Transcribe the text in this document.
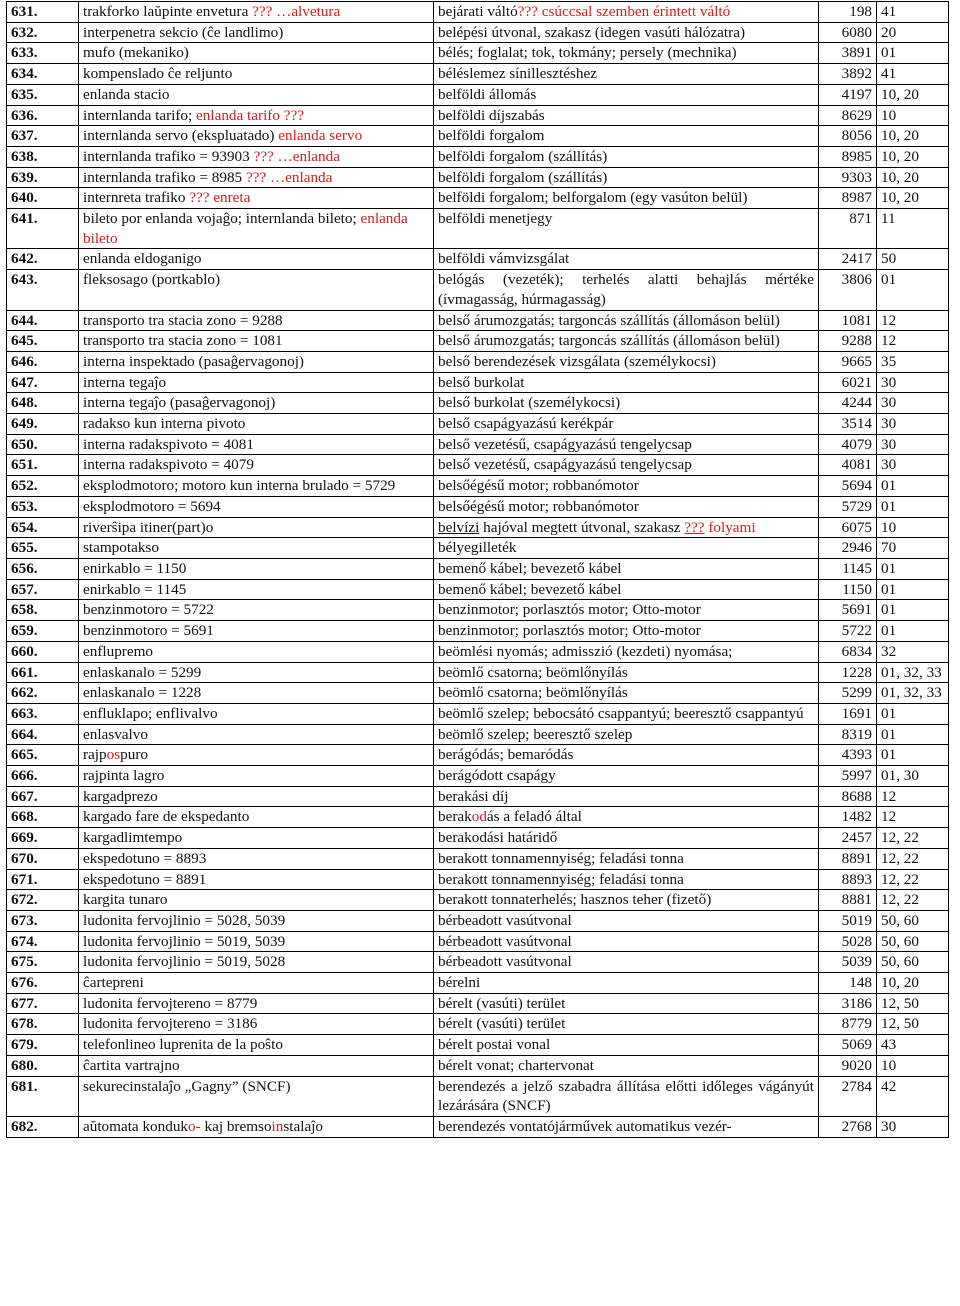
631.	trakforko laŭpinte envetura ??? …alvetura	bejárati váltó??? csúccsal szemben érintett váltó	198	41
632.	interpenetra sekcio (ĉe landlimo)	belépési útvonal, szakasz (idegen vasúti hálózatra)	6080	20
633.	mufo (mekaniko)	bélés; foglalat; tok, tokmány; persely (mechnika)	3891	01
634.	kompenslado ĉe reljunto	béléslemez sínillesztéshez	3892	41
635.	enlanda stacio	belföldi állomás	4197	10, 20
636.	internlanda tarifo; enlanda tarifo ???	belföldi díjszabás	8629	10
637.	internlanda servo (ekspluatado) enlanda servo	belföldi forgalom	8056	10, 20
638.	internlanda trafiko = 93903 ??? …enlanda	belföldi forgalom (szállítás)	8985	10, 20
639.	internlanda trafiko = 8985 ??? …enlanda	belföldi forgalom (szállítás)	9303	10, 20
640.	internreta trafiko ??? enreta	belföldi forgalom; belforgalom (egy vasúton belül)	8987	10, 20
641.	bileto por enlanda vojaĝo; internlanda bileto; enlanda bileto	belföldi menetjegy	871	11
642.	enlanda eldoganigo	belföldi vámvizsgálat	2417	50
643.	fleksosago (portkablo)	belógás (vezeték); terhelés alatti behajlás mértéke (ívmagasság, húrmagasság)	3806	01
644.	transporto tra stacia zono = 9288	belső árumozgatás; targoncás szállítás (állomáson belül)	1081	12
645.	transporto tra stacia zono = 1081	belső árumozgatás; targoncás szállítás (állomáson belül)	9288	12
646.	interna inspektado (pasaĝervagonoj)	belső berendezések vizsgálata (személykocsi)	9665	35
647.	interna tegaĵo	belső burkolat	6021	30
648.	interna tegaĵo (pasaĝervagonoj)	belső burkolat (személykocsi)	4244	30
649.	radakso kun interna pivoto	belső csapágyazású kerékpár	3514	30
650.	interna radakspivoto = 4081	belső vezetésű, csapágyazású tengelycsap	4079	30
651.	interna radakspivoto = 4079	belső vezetésű, csapágyazású tengelycsap	4081	30
652.	eksplodmotoro; motoro kun interna brulado = 5729	belsőégésű motor; robbanómotor	5694	01
653.	eksplodmotoro = 5694	belsőégésű motor; robbanómotor	5729	01
654.	riverŝipa itiner(part)o	belvízi hajóval megtett útvonal, szakasz ??? folyami	6075	10
655.	stampotakso	bélyegilleték	2946	70
656.	enirkablo = 1150	bemenő kábel; bevezető kábel	1145	01
657.	enirkablo = 1145	bemenő kábel; bevezető kábel	1150	01
658.	benzinmotoro = 5722	benzinmotor; porlasztós motor; Otto-motor	5691	01
659.	benzinmotoro = 5691	benzinmotor; porlasztós motor; Otto-motor	5722	01
660.	enflupremo	beömlési nyomás; admisszió (kezdeti) nyomása;	6834	32
661.	enlaskanalo = 5299	beömlő csatorna; beömlőnyílás	1228	01, 32, 33
662.	enlaskanalo = 1228	beömlő csatorna; beömlőnyílás	5299	01, 32, 33
663.	enfluklapo; enflivalvo	beömlő szelep; bebocsátó csappantyú; beeresztő csappantyú	1691	01
664.	enlasvalvo	beömlő szelep; beeresztő szelep	8319	01
665.	rajpospuro	berágódás; bemaródás	4393	01
666.	rajpinta lagro	berágódott csapágy	5997	01, 30
667.	kargadprezo	berakási díj	8688	12
668.	kargado fare de ekspedanto	berakodás a feladó által	1482	12
669.	kargadlimtempo	berakodási határidő	2457	12, 22
670.	ekspedotuno = 8893	berakott tonnamennyiség; feladási tonna	8891	12, 22
671.	ekspedotuno = 8891	berakott tonnamennyiség; feladási tonna	8893	12, 22
672.	kargita tunaro	berakott tonnaterhelés; hasznos teher (fizető)	8881	12, 22
673.	ludonita fervojlinio = 5028, 5039	bérbeadott vasútvonal	5019	50, 60
674.	ludonita fervojlinio = 5019, 5039	bérbeadott vasútvonal	5028	50, 60
675.	ludonita fervojlinio = 5019, 5028	bérbeadott vasútvonal	5039	50, 60
676.	ĉartepreni	bérelni	148	10, 20
677.	ludonita fervojtereno = 8779	bérelt (vasúti) terület	3186	12, 50
678.	ludonita fervojtereno = 3186	bérelt (vasúti) terület	8779	12, 50
679.	telefonlineo luprenita de la poŝto	bérelt postai vonal	5069	43
680.	ĉartita vartrajno	bérelt vonat; chartervonat	9020	10
681.	sekurecinstalaĵo „Gagny” (SNCF)	berendezés a jelző szabadra állítása előtti időleges vágányút lezárására (SNCF)	2784	42
682.	aŭtomata konduko- kaj bremsoinstalaĵo	berendezés vontatójárművek automatikus vezér-	2768	30
